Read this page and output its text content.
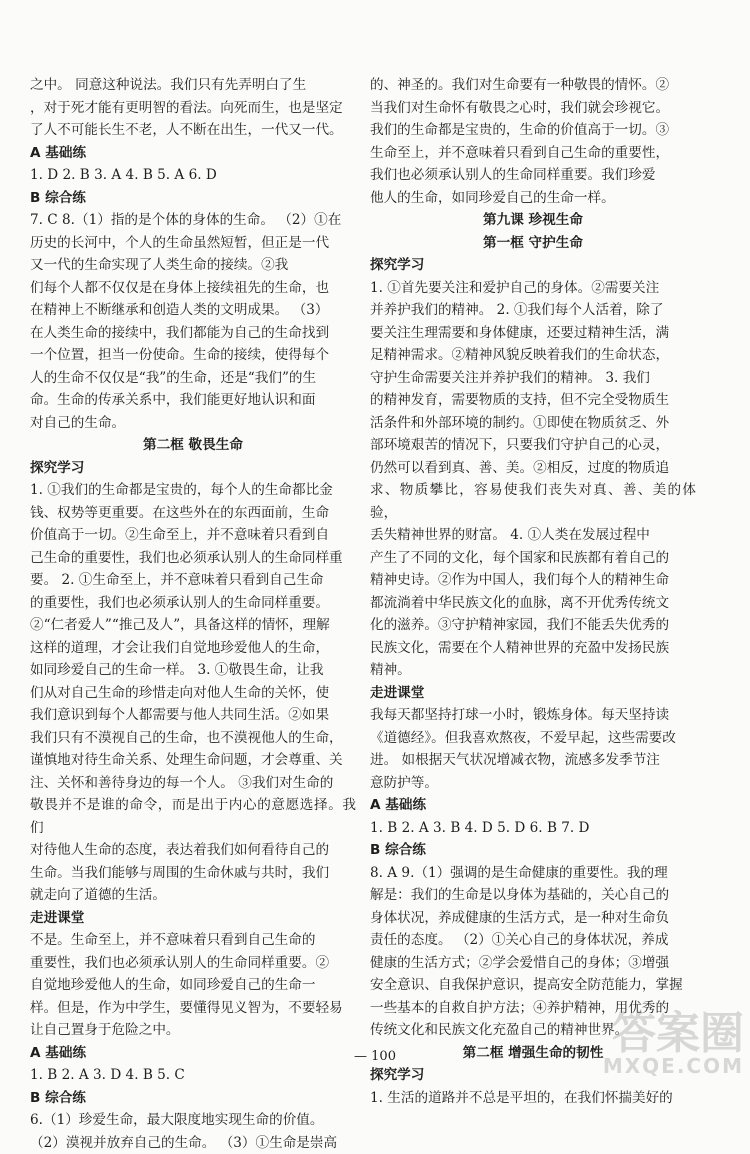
之中。 同意这种说法。我们只有先弄明白了生

，对于死才能有更明智的看法。向死而生，也是坚定

了人不可能长生不老，人不断在出生，一代又一代。

A 基础练

1. D 2. B 3. A 4. B 5. A 6. D

B 综合练

7. C 8.（1）指的是个体的身体的生命。 （2）①在

历史的长河中，个人的生命虽然短暂，但正是一代

又一代的生命实现了人类生命的接续。②我

们每个人都不仅仅是在身体上接续祖先的生命，也

在精神上不断继承和创造人类的文明成果。 （3）

在人类生命的接续中，我们都能为自己的生命找到

一个位置，担当一份使命。生命的接续，使得每个

人的生命不仅仅是“我”的生命，还是“我们”的生

命。生命的传承关系中，我们能更好地认识和面

对自己的生命。

第二框 敬畏生命

探究学习

1. ①我们的生命都是宝贵的，每个人的生命都比金

钱、权势等更重要。在这些外在的东西面前，生命

价值高于一切。②生命至上，并不意味着只看到自

己生命的重要性，我们也必须承认别人的生命同样重

要。 2. ①生命至上，并不意味着只看到自己生命

的重要性，我们也必须承认别人的生命同样重要。

②“仁者爱人”“推己及人”，具备这样的情怀，理解

这样的道理，才会让我们自觉地珍爱他人的生命，

如同珍爱自己的生命一样。 3. ①敬畏生命，让我

们从对自己生命的珍惜走向对他人生命的关怀，使

我们意识到每个人都需要与他人共同生活。②如果

我们只有不漠视自己的生命，也不漠视他人的生命，

谨慎地对待生命关系、处理生命问题，才会尊重、关

注、关怀和善待身边的每一个人。 ③我们对生命的

敬畏并不是谁的命令，而是出于内心的意愿选择。我们

对待他人生命的态度，表达着我们如何看待自己的

生命。当我们能够与周围的生命休戚与共时，我们

就走向了道德的生活。

走进课堂

不是。生命至上，并不意味着只看到自己生命的

重要性，我们也必须承认别人的生命同样重要。②

自觉地珍爱他人的生命，如同珍爱自己的生命一

样。但是，作为中学生，要懂得见义智为，不要轻易

让自己置身于危险之中。

A 基础练

1. B 2. A 3. D 4. B 5. C

B 综合练

6.（1）珍爱生命，最大限度地实现生命的价值。

（2）漠视并放弃自己的生命。 （3）①生命是崇高

的、神圣的。我们对生命要有一种敬畏的情怀。②

当我们对生命怀有敬畏之心时，我们就会珍视它。

我们的生命都是宝贵的，生命的价值高于一切。③

生命至上，并不意味着只看到自己生命的重要性，

我们也必须承认别人的生命同样重要。我们珍爱

他人的生命，如同珍爱自己的生命一样。

第九课 珍视生命

第一框 守护生命

探究学习

1. ①首先要关注和爱护自己的身体。②需要关注

并养护我们的精神。 2. ①我们每个人活着，除了

要关注生理需要和身体健康，还要过精神生活，满

足精神需求。②精神风貌反映着我们的生命状态，

守护生命需要关注并养护我们的精神。 3. 我们

的精神发育，需要物质的支持，但不完全受物质生

活条件和外部环境的制约。①即使在物质贫乏、外

部环境艰苦的情况下，只要我们守护自己的心灵，

仍然可以看到真、善、美。②相反，过度的物质追

求、物质攀比，容易使我们丧失对真、善、美的体验，

丢失精神世界的财富。 4. ①人类在发展过程中

产生了不同的文化，每个国家和民族都有着自己的

精神史诗。②作为中国人，我们每个人的精神生命

都流淌着中华民族文化的血脉，离不开优秀传统文

化的滋养。③守护精神家园，我们不能丢失优秀的

民族文化，需要在个人精神世界的充盈中发扬民族

精神。

走进课堂

我每天都坚持打球一小时，锻炼身体。每天坚持读

《道德经》。但我喜欢熬夜，不爱早起，这些需要改

进。 如根据天气状况增减衣物，流感多发季节注

意防护等。

A 基础练

1. B 2. A 3. B 4. D 5. D 6. B 7. D

B 综合练

8. A 9.（1）强调的是生命健康的重要性。我的理

解是：我们的生命是以身体为基础的，关心自己的

身体状况，养成健康的生活方式，是一种对生命负

责任的态度。 （2）①关心自己的身体状况，养成

健康的生活方式；②学会爱惜自己的身体；③增强

安全意识、自我保护意识，提高安全防范能力，掌握

一些基本的自救自护方法；④养护精神，用优秀的

传统文化和民族文化充盈自己的精神世界。

第二框 增强生命的韧性

探究学习

1. 生活的道路并不总是平坦的，在我们怀揣美好的

— 100	答案圈
MXQE.COM
